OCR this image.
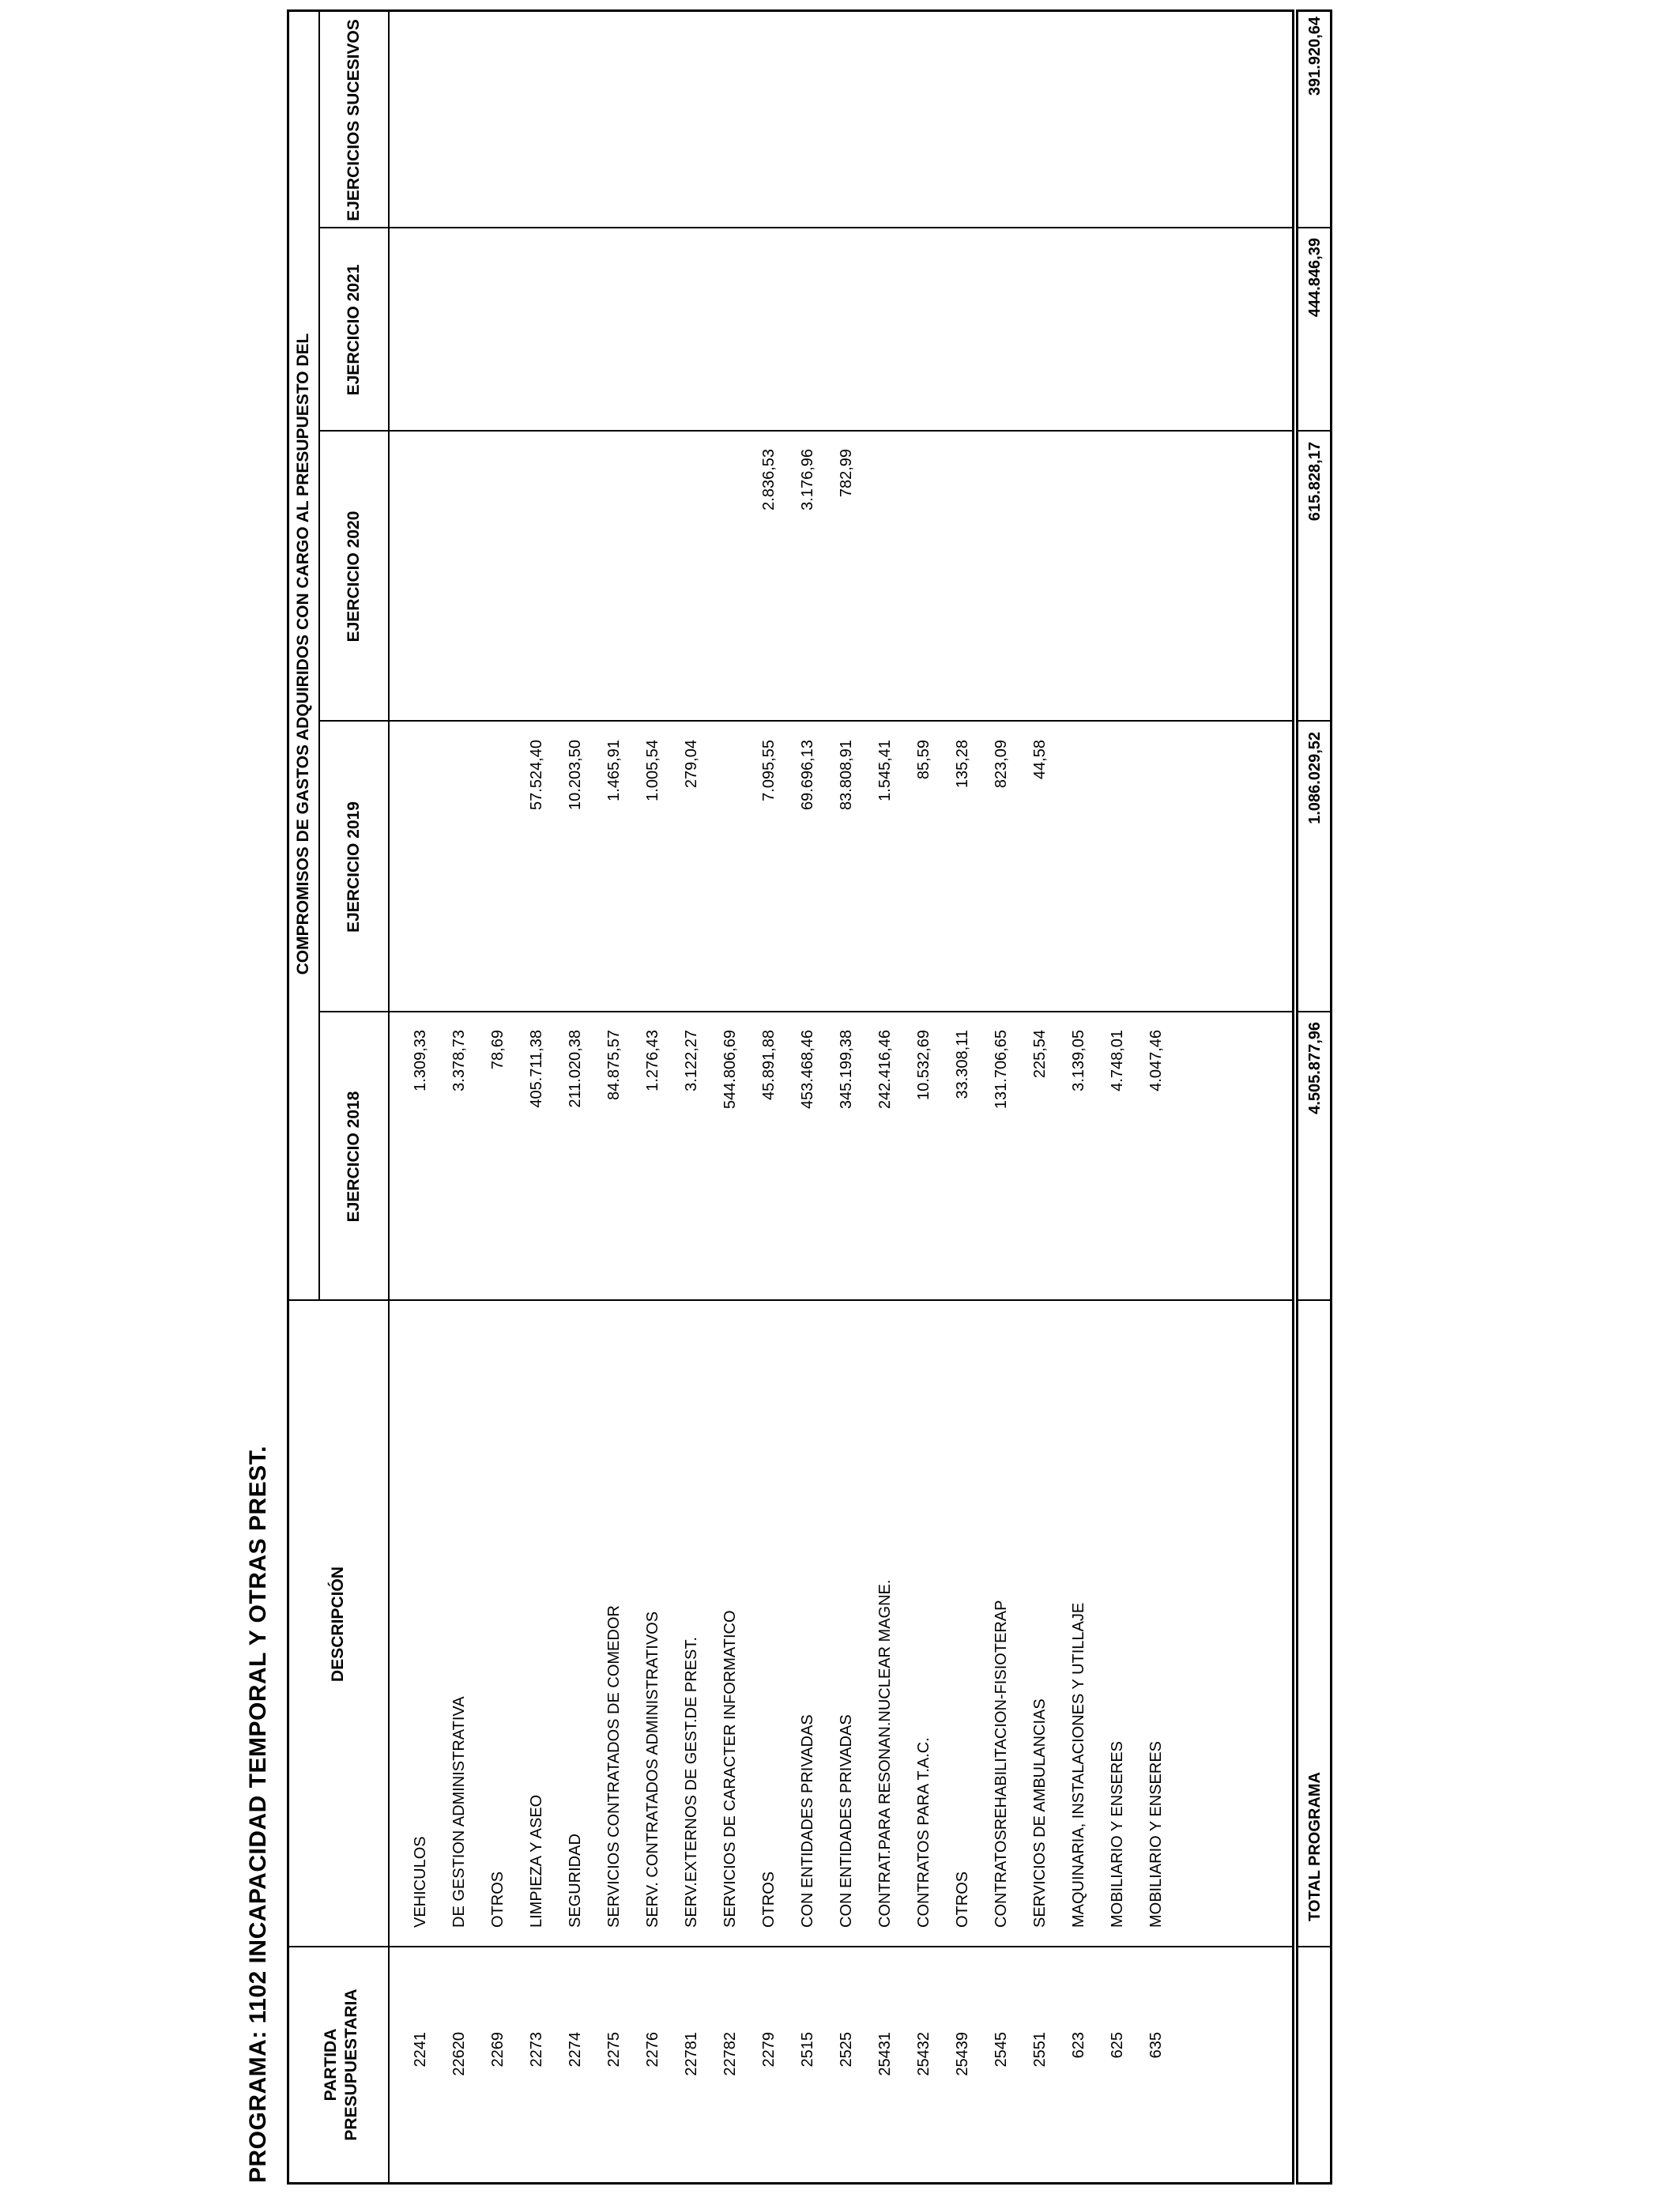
PROGRAMA: 1102 INCAPACIDAD TEMPORAL Y OTRAS PREST.	PARTIDA PRESUPUESTARIA
DESCRIPCIÓN
COMPROMISOS DE GASTOS ADQUIRIDOS CON CARGO AL PRESUPUESTO DEL
EJERCICIO 2018
EJERCICIO 2019
EJERCICIO 2020
EJERCICIO 2021
EJERCICIOS SUCESIVOS
2241
VEHICULOS
1.309,33
22620
DE GESTION ADMINISTRATIVA
3.378,73
2269
OTROS
78,69
2273
LIMPIEZA Y ASEO
405.711,38
57.524,40
2274
SEGURIDAD
211.020,38
10.203,50
2275
SERVICIOS CONTRATADOS DE COMEDOR
84.875,57
1.465,91
2276
SERV. CONTRATADOS ADMINISTRATIVOS
1.276,43
1.005,54
22781
SERV.EXTERNOS DE GEST.DE PREST.
3.122,27
279,04
22782
SERVICIOS DE CARACTER INFORMATICO
544.806,69
2279
OTROS
45.891,88
7.095,55
2.836,53
2515
CON ENTIDADES PRIVADAS
453.468,46
69.696,13
3.176,96
2525
CON ENTIDADES PRIVADAS
345.199,38
83.808,91
782,99
25431
CONTRAT.PARA RESONAN.NUCLEAR MAGNE.
242.416,46
1.545,41
25432
CONTRATOS PARA T.A.C.
10.532,69
85,59
25439
OTROS
33.308,11
135,28
2545
CONTRATOSREHABILITACION-FISIOTERAP
131.706,65
823,09
2551
SERVICIOS DE AMBULANCIAS
225,54
44,58
623
MAQUINARIA, INSTALACIONES Y UTILLAJE
3.139,05
625
MOBILIARIO Y ENSERES
4.748,01
635
MOBILIARIO Y ENSERES
4.047,46
TOTAL PROGRAMA
4.505.877,96
1.086.029,52
615.828,17
444.846,39
391.920,64
